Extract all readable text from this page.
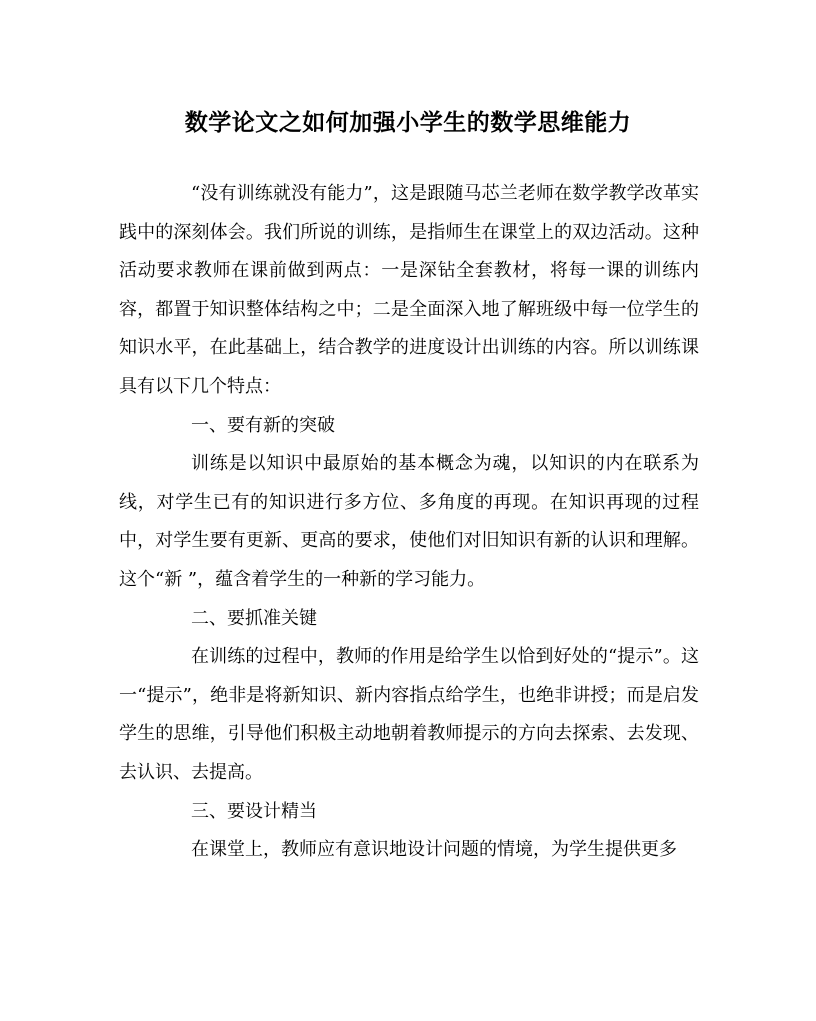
数学论文之如何加强小学生的数学思维能力

“没有训练就没有能力”，这是跟随马芯兰老师在数学教学改革实践中的深刻体会。我们所说的训练，是指师生在课堂上的双边活动。这种活动要求教师在课前做到两点：一是深钻全套教材，将每一课的训练内容，都置于知识整体结构之中；二是全面深入地了解班级中每一位学生的知识水平，在此基础上，结合教学的进度设计出训练的内容。所以训练课具有以下几个特点：

一、要有新的突破

训练是以知识中最原始的基本概念为魂，以知识的内在联系为线，对学生已有的知识进行多方位、多角度的再现。在知识再现的过程中，对学生要有更新、更高的要求，使他们对旧知识有新的认识和理解。这个“新 ”，蕴含着学生的一种新的学习能力。

二、要抓准关键

在训练的过程中，教师的作用是给学生以恰到好处的“提示”。这一“提示”，绝非是将新知识、新内容指点给学生，也绝非讲授；而是启发学生的思维，引导他们积极主动地朝着教师提示的方向去探索、去发现、去认识、去提高。

三、要设计精当

在课堂上，教师应有意识地设计问题的情境，为学生提供更多
